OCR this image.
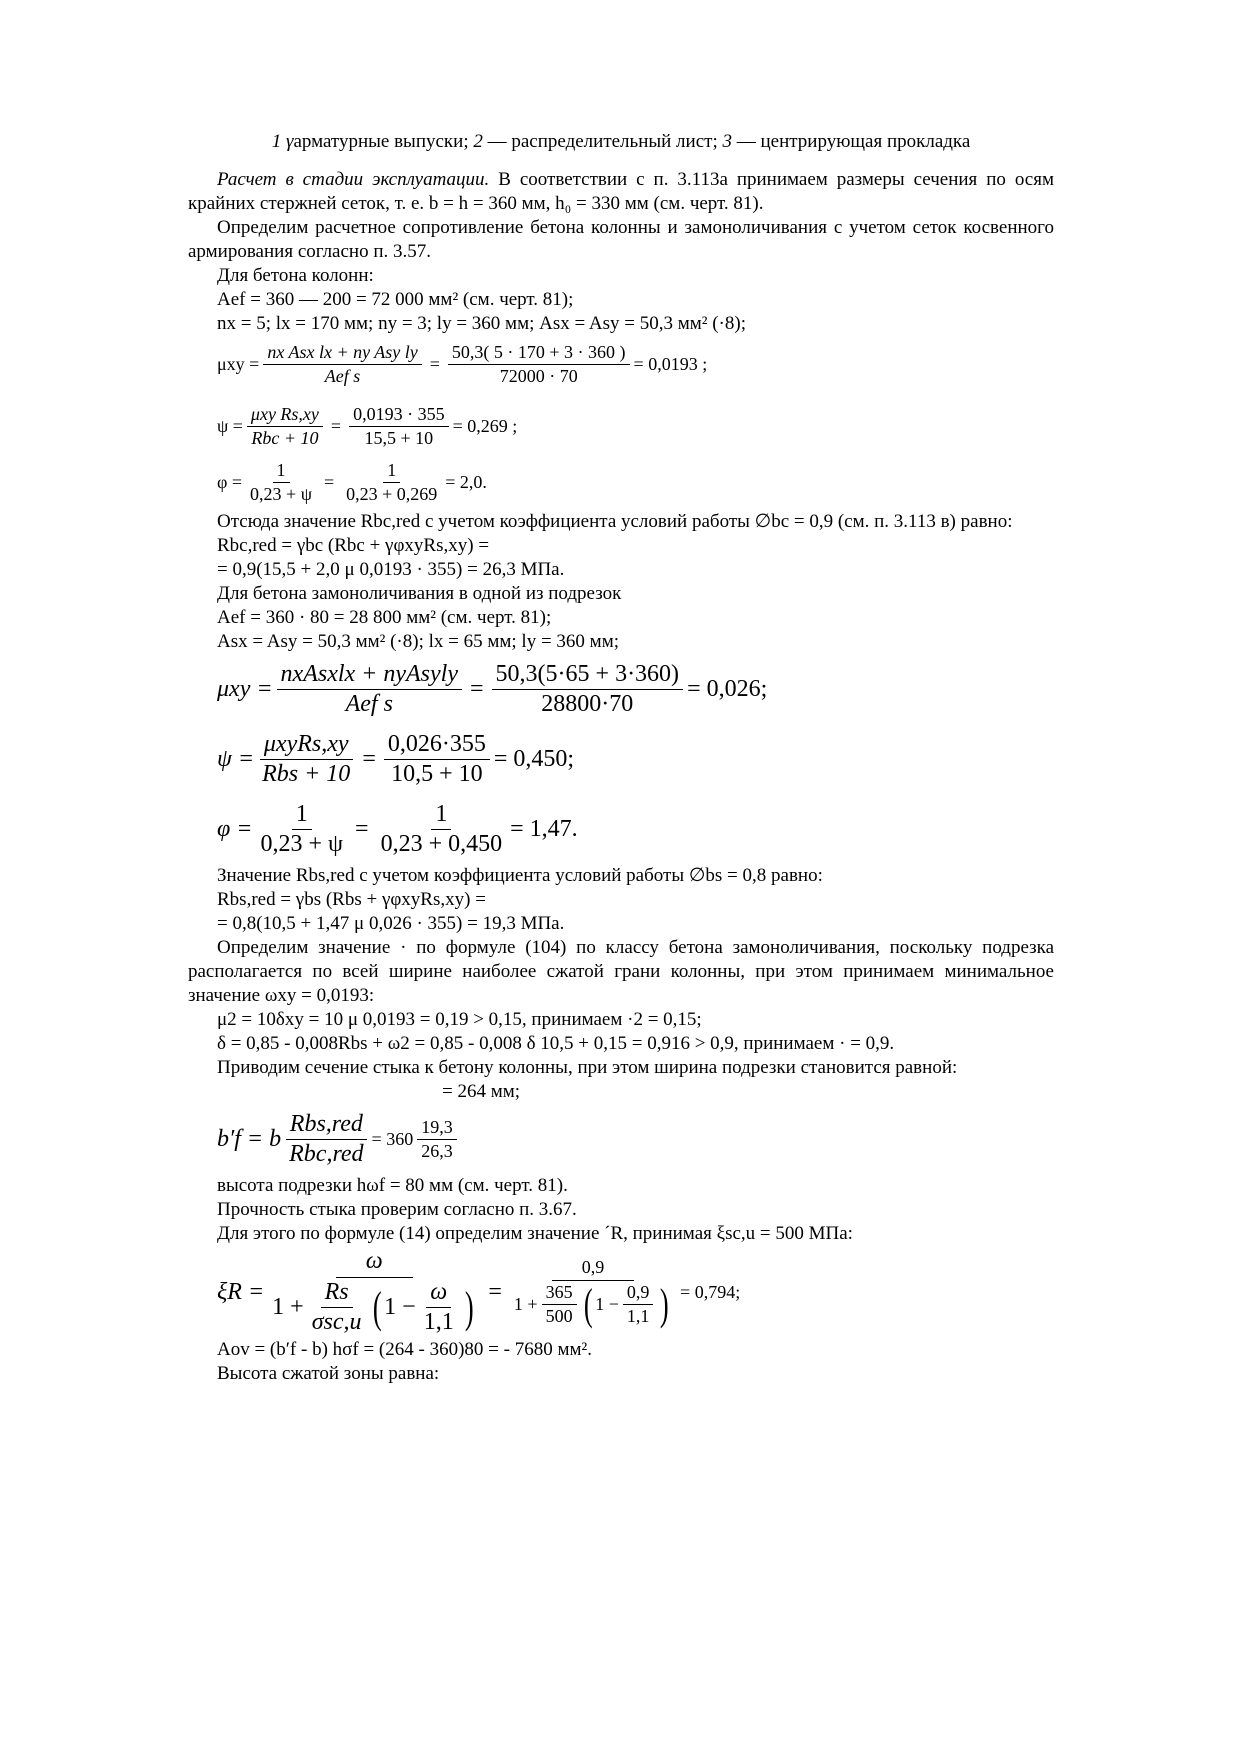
1 γарматурные выпуски; 2 — распределительный лист; 3 — центрирующая прокладка

Расчет в стадии эксплуатации. В соответствии с п. 3.113а принимаем размеры сечения по осям крайних стержней сеток, т. е. b = h = 360 мм, h₀ = 330 мм (см. черт. 81).

Определим расчетное сопротивление бетона колонны и замоноличивания с учетом сеток косвенного армирования согласно п. 3.57.

Для бетона колонн:

Aef = 360 — 200 = 72 000 мм² (см. черт. 81);

nx = 5; lx = 170 мм; ny = 3; ly = 360 мм; Asx = Asy = 50,3 мм² (·8);

μxy =
nx Asx lx + ny Asy ly
Aef s
= $\frac{50,3( 5 \cdot 170 + 3 \cdot 360 )}{72000 \cdot 70} = 0,0193$ ;
ψ =
μxy Rs,xy
Rbc + 10
= $\frac{0,0193 \cdot 355}{15,5 + 10} = 0,269$ ;
$\varphi = \frac{1}{0,23 + \psi} = \frac{1}{0,23 + 0,269} = 2,0$.

Отсюда значение Rbc,red с учетом коэффициента условий работы ∅bc = 0,9 (см. п. 3.113 в) равно:

Rbc,red = γbc (Rbc + γφxyRs,xy) =

= 0,9(15,5 + 2,0 μ 0,0193 · 355) = 26,3 МПа.

Для бетона замоноличивания в одной из подрезок

Aef = 360 · 80 = 28 800 мм² (см. черт. 81);

Asx = Asy = 50,3 мм² (·8); lx = 65 мм; ly = 360 мм;

μxy =
nxAsxlx + nyAsyly
Aef s
= $\frac{50,3(5\cdot 65 + 3\cdot 360)}{28800\cdot 70} = 0,026$;
ψ =
μxyRs,xy
Rbs + 10
= $\frac{0,026\cdot 355}{10,5 + 10} = 0,450$;
$\varphi = \frac{1}{0,23 + \psi} = \frac{1}{0,23 + 0,450} = 1,47$.

Значение Rbs,red с учетом коэффициента условий работы ∅bs = 0,8 равно:

Rbs,red = γbs (Rbs + γφxyRs,xy) =

= 0,8(10,5 + 1,47 μ 0,026 · 355) = 19,3 МПа.

Определим значение · по формуле (104) по классу бетона замоноличивания, поскольку подрезка располагается по всей ширине наиболее сжатой грани колонны, при этом принимаем минимальное значение ωxy = 0,0193:

μ2 = 10δxy = 10 μ 0,0193 = 0,19 > 0,15, принимаем ·2 = 0,15;

δ = 0,85 - 0,008Rbs + ω2 = 0,85 - 0,008 δ 10,5 + 0,15 = 0,916 > 0,9, принимаем · = 0,9.

Приводим сечение стыка к бетону колонны, при этом ширина подрезки становится равной:

= 264 мм;

b′f = b
Rbs,red
Rbc,red
= $360 \frac{19,3}{26,3}$

высота подрезки hωf = 80 мм (см. черт. 81).

Прочность стыка проверим согласно п. 3.67.

Для этого по формуле (14) определим значение ´R, принимая ξsc,u = 500 МПа:

ξR =
ω
1 +
Rs
σsc,u ( $1 - \frac{\omega}{1,1}$ ) = $\frac{0,9}{1 + \frac{365}{500} ( 1 - \frac{0,9}{1,1} )} = 0,794$;

Aov = (b′f - b) hσf = (264 - 360)80 = - 7680 мм².

Высота сжатой зоны равна:
